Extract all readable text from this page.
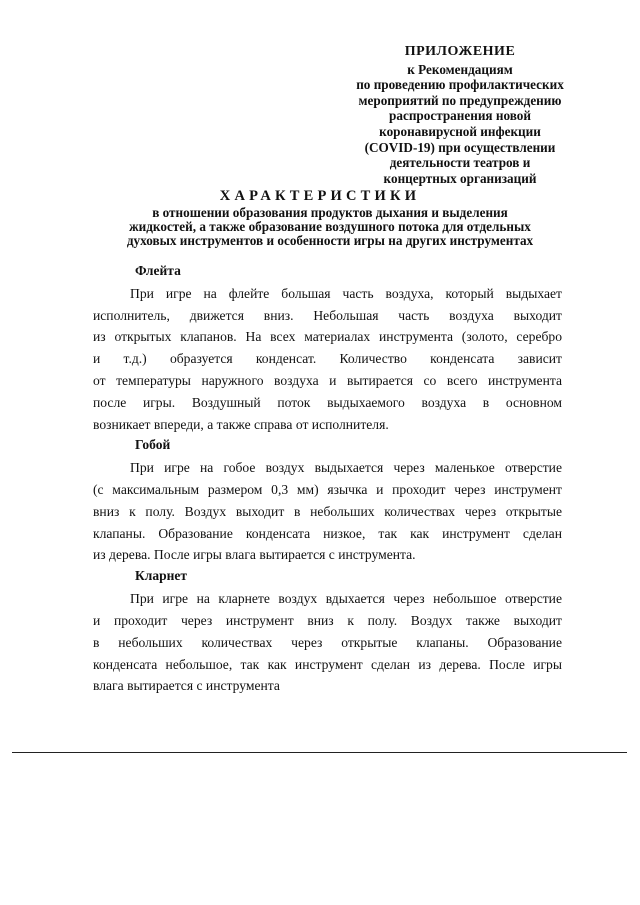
ПРИЛОЖЕНИЕ
к Рекомендациям
по проведению профилактических
мероприятий по предупреждению
распространения новой
коронавирусной инфекции
(COVID-19) при осуществлении
деятельности театров и
концертных организаций
ХАРАКТЕРИСТИКИ
в отношении образования продуктов дыхания и выделения
жидкостей, а также образование воздушного потока для отдельных
духовых инструментов и особенности игры на других инструментах
Флейта
При игре на флейте большая часть воздуха, который выдыхает
исполнитель, движется вниз. Небольшая часть воздуха выходит
из открытых клапанов. На всех материалах инструмента (золото, серебро
и т.д.) образуется конденсат. Количество конденсата зависит
от температуры наружного воздуха и вытирается со всего инструмента
после игры. Воздушный поток выдыхаемого воздуха в основном
возникает впереди, а также справа от исполнителя.
Гобой
При игре на гобое воздух выдыхается через маленькое отверстие
(с максимальным размером 0,3 мм) язычка и проходит через инструмент
вниз к полу. Воздух выходит в небольших количествах через открытые
клапаны. Образование конденсата низкое, так как инструмент сделан
из дерева. После игры влага вытирается с инструмента.
Кларнет
При игре на кларнете воздух вдыхается через небольшое отверстие
и проходит через инструмент вниз к полу. Воздух также выходит
в небольших количествах через открытые клапаны. Образование
конденсата небольшое, так как инструмент сделан из дерева. После игры
влага вытирается с инструмента
